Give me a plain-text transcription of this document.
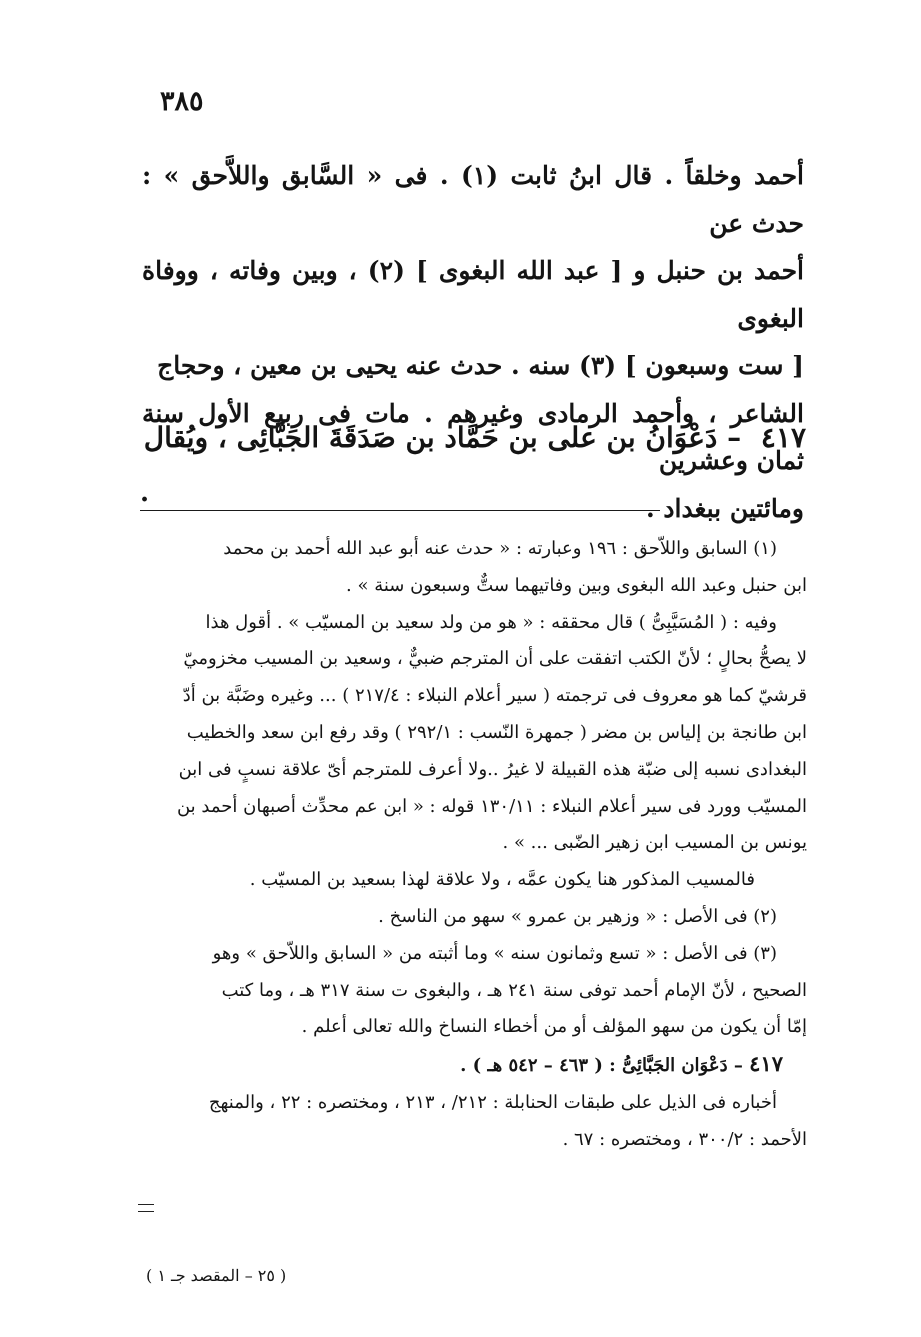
٣٨٥

أحمد وخلقاً . قال ابنُ ثابت (١) . فى « السَّابق واللاَّحق » : حدث عن

أحمد بن حنبل و [ عبد الله البغوى ] (٢) ، وبين وفاته ، ووفاة البغوى

[ ست وسبعون ] (٣) سنه . حدث عنه يحيى بن معين ، وحجاج

الشاعر ، وأحمد الرمادى وغيرهم . مات فى ربيع الأول سنة ثمان وعشرين

ومائتين ببغداد .

٤١٧ – دَعْوَانُ بن على بن حَمَّاد بن صَدَقَةَ الجَبَّائِى ، ويُقال
.

(١) السابق واللاّحق : ١٩٦ وعبارته : « حدث عنه أبو عبد الله أحمد بن محمد

ابن حنبل وعبد الله البغوى وبين وفاتيهما ستٌّ وسبعون سنة » .

وفيه : ( المُسَيَّبِىُّ ) قال محققه : « هو من ولد سعيد بن المسيّب » . أقول هذا

لا يصحُّ بحالٍ ؛ لأنّ الكتب اتفقت على أن المترجم ضبيٌّ ، وسعيد بن المسيب مخزوميّ

قرشيّ كما هو معروف فى ترجمته ( سير أعلام النبلاء : ٢١٧/٤ ) ... وغيره وضَبَّة بن أدّ

ابن طانجة بن إلياس بن مضر ( جمهرة النّسب : ٢٩٢/١ ) وقد رفع ابن سعد والخطيب

البغدادى نسبه إلى ضبّة هذه القبيلة لا غيرُ ..ولا أعرف للمترجم أىّ علاقة نسبٍ فى ابن

المسيّب وورد فى سير أعلام النبلاء : ١٣٠/١١ قوله : « ابن عم محدِّث أصبهان أحمد بن

يونس بن المسيب ابن زهير الضّبى ... » .

فالمسيب المذكور هنا يكون عمَّه ، ولا علاقة لهذا بسعيد بن المسيّب .

(٢) فى الأصل : « وزهير بن عمرو » سهو من الناسخ .

(٣) فى الأصل : « تسع وثمانون سنه » وما أثبته من « السابق واللاّحق » وهو

الصحيح ، لأنّ الإمام أحمد توفى سنة ٢٤١ هـ ، والبغوى ت سنة ٣١٧ هـ ، وما كتب

إمّا أن يكون من سهو المؤلف أو من أخطاء النساخ والله تعالى أعلم .

٤١٧ – دَعْوَان الجَبَّائِىُّ : ( ٤٦٣ – ٥٤٢ هـ ) .

أخباره فى الذيل على طبقات الحنابلة : ٢١٢/ ، ٢١٣ ، ومختصره : ٢٢ ، والمنهج

الأحمد : ٣٠٠/٢ ، ومختصره : ٦٧ .

( ٢٥ – المقصد جـ ١ )
